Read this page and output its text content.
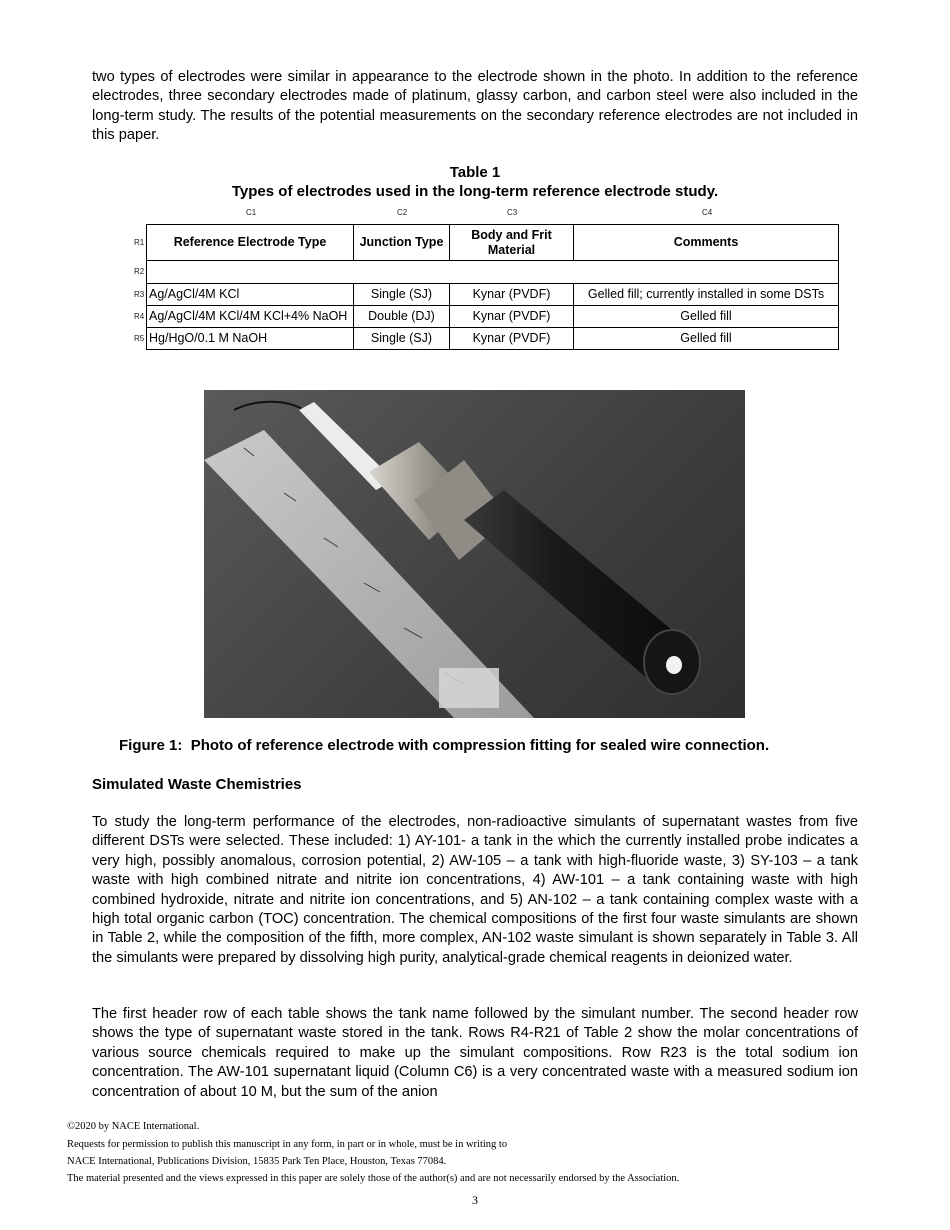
two types of electrodes were similar in appearance to the electrode shown in the photo. In addition to the reference electrodes, three secondary electrodes made of platinum, glassy carbon, and carbon steel were also included in the long-term study. The results of the potential measurements on the secondary reference electrodes are not included in this paper.

Table 1
Types of electrodes used in the long-term reference electrode study.
C1	C2	C3	C4
R1
R2
R3
R4
R5
Reference Electrode Type	Junction Type	Body and Frit Material	Comments

Ag/AgCl/4M KCl	Single (SJ)	Kynar (PVDF)	Gelled fill; currently installed in some DSTs
Ag/AgCl/4M KCl/4M KCl+4% NaOH	Double (DJ)	Kynar (PVDF)	Gelled fill
Hg/HgO/0.1 M NaOH	Single (SJ)	Kynar (PVDF)	Gelled fill
Figure 1: Photo of reference electrode with compression fitting for sealed wire connection.
Simulated Waste Chemistries

To study the long-term performance of the electrodes, non-radioactive simulants of supernatant wastes from five different DSTs were selected. These included: 1) AY-101- a tank in the which the currently installed probe indicates a very high, possibly anomalous, corrosion potential, 2) AW-105 – a tank with high-fluoride waste, 3) SY-103 – a tank waste with high combined nitrate and nitrite ion concentrations, 4) AW-101 – a tank containing waste with high combined hydroxide, nitrate and nitrite ion concentrations, and 5) AN-102 – a tank containing complex waste with a high total organic carbon (TOC) concentration. The chemical compositions of the first four waste simulants are shown in Table 2, while the composition of the fifth, more complex, AN-102 waste simulant is shown separately in Table 3. All the simulants were prepared by dissolving high purity, analytical-grade chemical reagents in deionized water.

The first header row of each table shows the tank name followed by the simulant number. The second header row shows the type of supernatant waste stored in the tank. Rows R4-R21 of Table 2 show the molar concentrations of various source chemicals required to make up the simulant compositions. Row R23 is the total sodium ion concentration. The AW-101 supernatant liquid (Column C6) is a very concentrated waste with a measured sodium ion concentration of about 10 M, but the sum of the anion

©2020 by NACE International.
Requests for permission to publish this manuscript in any form, in part or in whole, must be in writing to
NACE International, Publications Division, 15835 Park Ten Place, Houston, Texas 77084.
The material presented and the views expressed in this paper are solely those of the author(s) and are not necessarily endorsed by the Association.
3
